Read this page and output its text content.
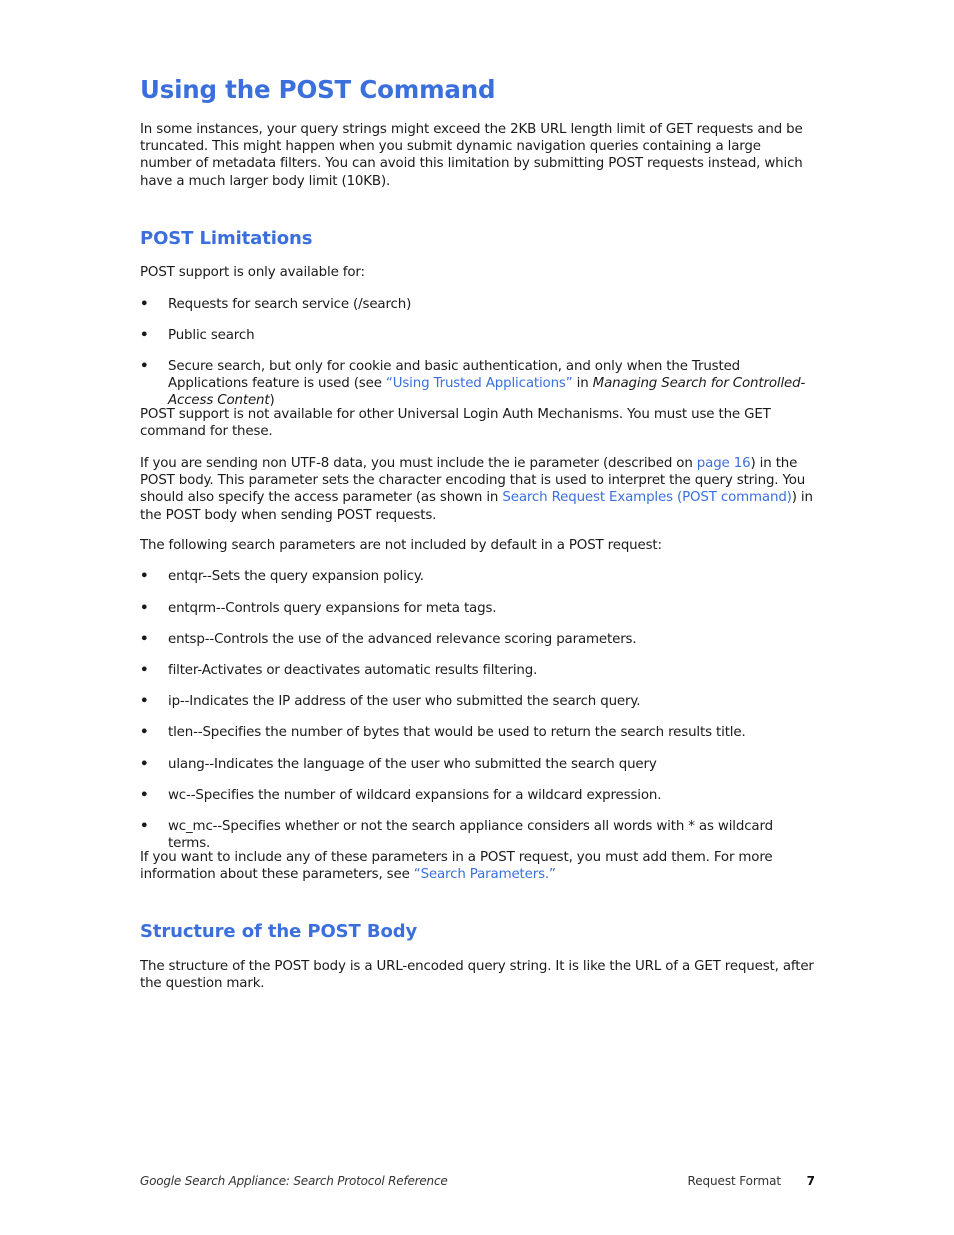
Using the POST Command

In some instances, your query strings might exceed the 2KB URL length limit of GET requests and be truncated. This might happen when you submit dynamic navigation queries containing a large number of metadata filters. You can avoid this limitation by submitting POST requests instead, which have a much larger body limit (10KB).

POST Limitations

POST support is only available for:

• Requests for search service (/search)

• Public search

• Secure search, but only for cookie and basic authentication, and only when the Trusted Applications feature is used (see “Using Trusted Applications” in Managing Search for Controlled-Access Content)

POST support is not available for other Universal Login Auth Mechanisms. You must use the GET command for these.

If you are sending non UTF-8 data, you must include the ie parameter (described on page 16) in the POST body. This parameter sets the character encoding that is used to interpret the query string. You should also specify the access parameter (as shown in Search Request Examples (POST command)) in the POST body when sending POST requests.

The following search parameters are not included by default in a POST request:

• entqr--Sets the query expansion policy.

• entqrm--Controls query expansions for meta tags.

• entsp--Controls the use of the advanced relevance scoring parameters.

• filter-Activates or deactivates automatic results filtering.

• ip--Indicates the IP address of the user who submitted the search query.

• tlen--Specifies the number of bytes that would be used to return the search results title.

• ulang--Indicates the language of the user who submitted the search query

• wc--Specifies the number of wildcard expansions for a wildcard expression.

• wc_mc--Specifies whether or not the search appliance considers all words with * as wildcard terms.

If you want to include any of these parameters in a POST request, you must add them. For more information about these parameters, see “Search Parameters.”

Structure of the POST Body

The structure of the POST body is a URL-encoded query string. It is like the URL of a GET request, after the question mark.

Google Search Appliance: Search Protocol Reference	Request Format 7
